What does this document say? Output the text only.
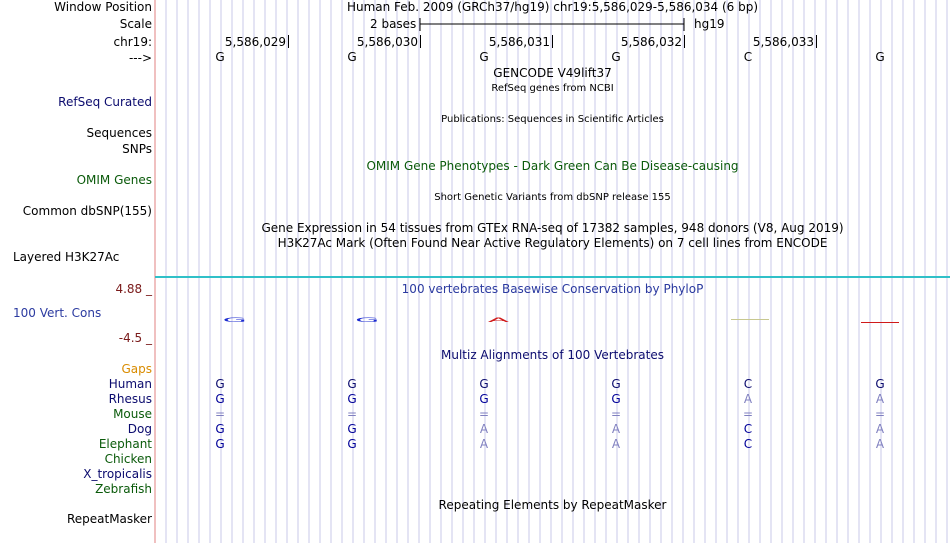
Window Position	Human Feb. 2009 (GRCh37/hg19) chr19:5,586,029-5,586,034 (6 bp)
Scale	2 bases	hg19
chr19:	5,586,029	5,586,030	5,586,031	5,586,032	5,586,033
--->	G	G	G	G	C	G
GENCODE V49lift37
RefSeq genes from NCBI
RefSeq Curated
Publications: Sequences in Scientific Articles
Sequences
SNPs
OMIM Gene Phenotypes - Dark Green Can Be Disease-causing
OMIM Genes
Short Genetic Variants from dbSNP release 155
Common dbSNP(155)
Gene Expression in 54 tissues from GTEx RNA-seq of 17382 samples, 948 donors (V8, Aug 2019)
H3K27Ac Mark (Often Found Near Active Regulatory Elements) on 7 cell lines from ENCODE
Layered H3K27Ac
4.88 _	100 vertebrates Basewise Conservation by PhyloP
100 Vert. Cons
G	G	A
-4.5 _
Multiz Alignments of 100 Vertebrates
Gaps
Human	G	G	G	G	C	G
Rhesus	G	G	G	G	A	A
Mouse	=	=	=	=	=	=
Dog	G	G	A	A	C	A
Elephant	G	G	A	A	C	A
Chicken
X_tropicalis
Zebrafish
Repeating Elements by RepeatMasker
RepeatMasker
